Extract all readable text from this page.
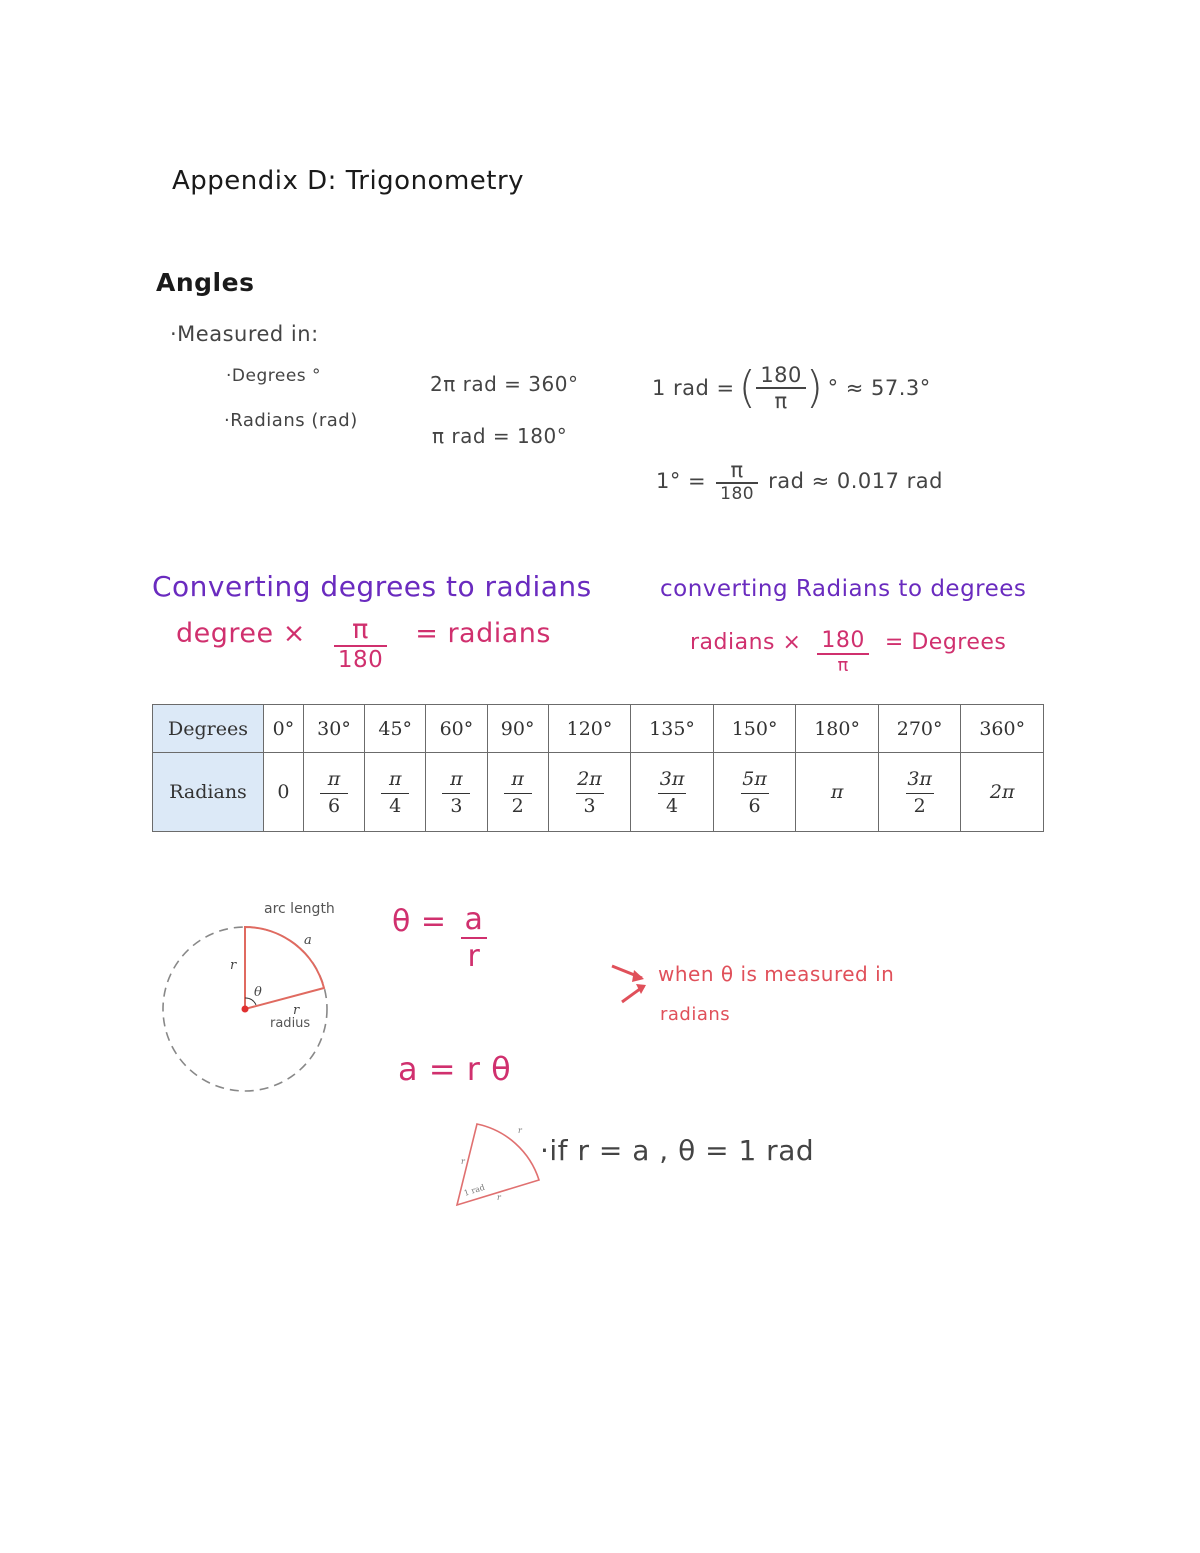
Appendix D: Trigonometry
Angles
·Measured in:
·Degrees °
·Radians (rad)
2π rad = 360°
π rad = 180°
1 rad = ( $\frac{180}{\pi}$ ) ° ≈ 57.3°
$1^\circ = \frac{\pi}{180}$ rad ≈ 0.017 rad
Converting degrees to radians	converting Radians to degrees
degree × $\frac{\pi}{180}$ = radians	radians × $\frac{180}{\pi}$ = Degrees
Degrees	0°	30°	45°	60°	90°	120°	135°	150°	180°	270°	360°
Radians	0	$\frac{\pi}{6}$	$\frac{\pi}{4}$	$\frac{\pi}{3}$	$\frac{\pi}{2}$	$\frac{2\pi}{3}$	$\frac{3\pi}{4}$	$\frac{5\pi}{6}$	π	$\frac{3\pi}{2}$	2π
arc length
a
r
θ
r
radius
$\theta = \frac{a}{r}$	when θ is measured in
radians
a = r θ
r
r
r
1 rad
·if r = a , θ = 1 rad
